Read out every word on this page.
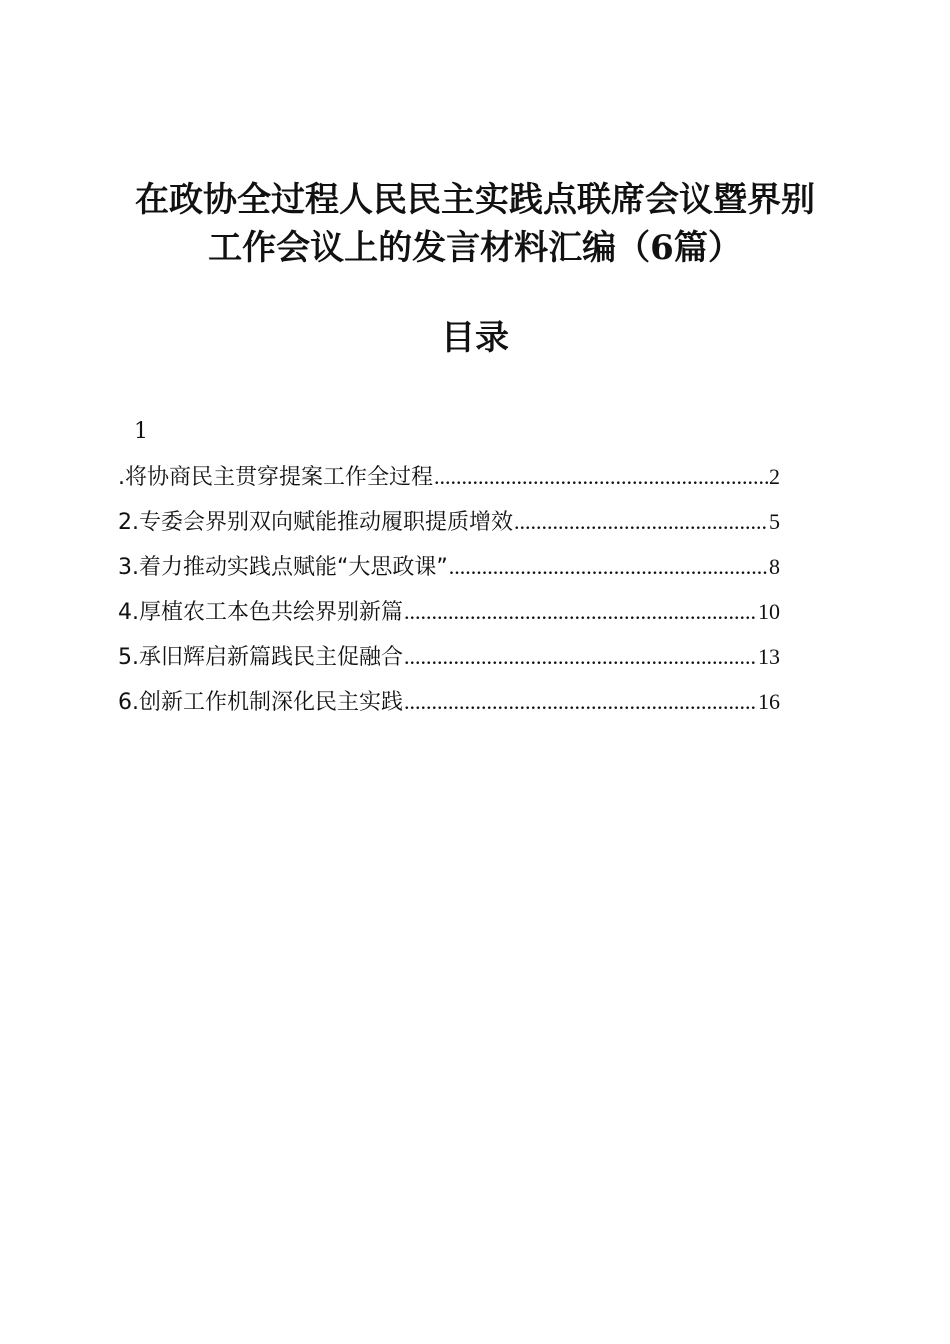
在政协全过程人民民主实践点联席会议暨界别
工作会议上的发言材料汇编（6篇）
目录
1
.将协商民主贯穿提案工作全过程 .....	2
2.专委会界别双向赋能推动履职提质增效 .....	5
3.着力推动实践点赋能“大思政课” .....	8
4.厚植农工本色共绘界别新篇 .....	10
5.承旧辉启新篇践民主促融合 .....	13
6.创新工作机制深化民主实践 .....	16
